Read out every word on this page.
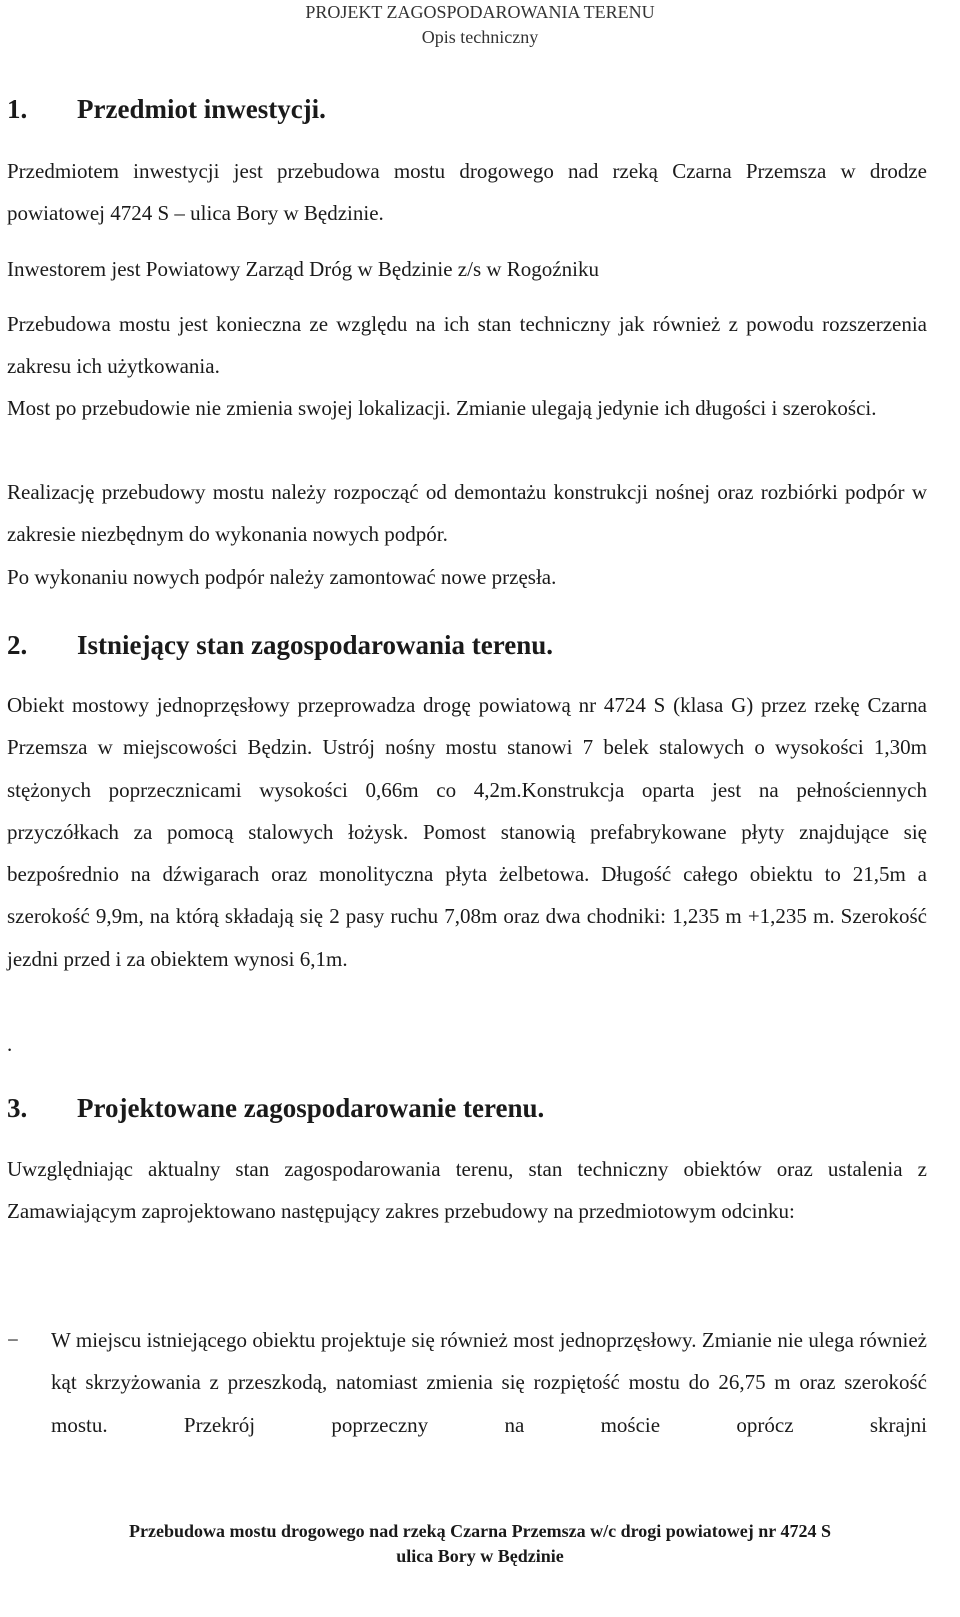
PROJEKT ZAGOSPODAROWANIA TERENU
Opis techniczny
1. Przedmiot inwestycji.
Przedmiotem inwestycji jest przebudowa mostu drogowego nad rzeką Czarna Przemsza w drodze powiatowej 4724 S – ulica Bory w Będzinie.
Inwestorem jest Powiatowy Zarząd Dróg w Będzinie z/s w Rogoźniku
Przebudowa mostu jest konieczna ze względu na ich stan techniczny jak również z powodu rozszerzenia zakresu ich użytkowania.
Most po przebudowie nie zmienia swojej lokalizacji. Zmianie ulegają jedynie ich długości i szerokości.
Realizację przebudowy mostu należy rozpocząć od demontażu konstrukcji nośnej oraz rozbiórki podpór w zakresie niezbędnym do wykonania nowych podpór.
Po wykonaniu nowych podpór należy zamontować nowe przęsła.
2. Istniejący stan zagospodarowania terenu.
Obiekt mostowy jednoprzęsłowy przeprowadza drogę powiatową nr 4724 S (klasa G) przez rzekę Czarna Przemsza w miejscowości Będzin. Ustrój nośny mostu stanowi 7 belek stalowych o wysokości 1,30m stężonych poprzecznicami wysokości 0,66m co 4,2m.Konstrukcja oparta jest na pełnościennych przyczółkach za pomocą stalowych łożysk. Pomost stanowią prefabrykowane płyty znajdujące się bezpośrednio na dźwigarach oraz monolityczna płyta żelbetowa. Długość całego obiektu to 21,5m a szerokość 9,9m, na którą składają się 2 pasy ruchu 7,08m oraz dwa chodniki: 1,235 m +1,235 m. Szerokość jezdni przed i za obiektem wynosi 6,1m.
.
3. Projektowane zagospodarowanie terenu.
Uwzględniając aktualny stan zagospodarowania terenu, stan techniczny obiektów oraz ustalenia z Zamawiającym zaprojektowano następujący zakres przebudowy na przedmiotowym odcinku:
−	W miejscu istniejącego obiektu projektuje się również most jednoprzęsłowy. Zmianie nie ulega również kąt skrzyżowania z przeszkodą, natomiast zmienia się rozpiętość mostu do 26,75 m oraz szerokość mostu. Przekrój poprzeczny na moście oprócz skrajni
Przebudowa mostu drogowego nad rzeką Czarna Przemsza w/c drogi powiatowej nr 4724 S
ulica Bory w Będzinie
